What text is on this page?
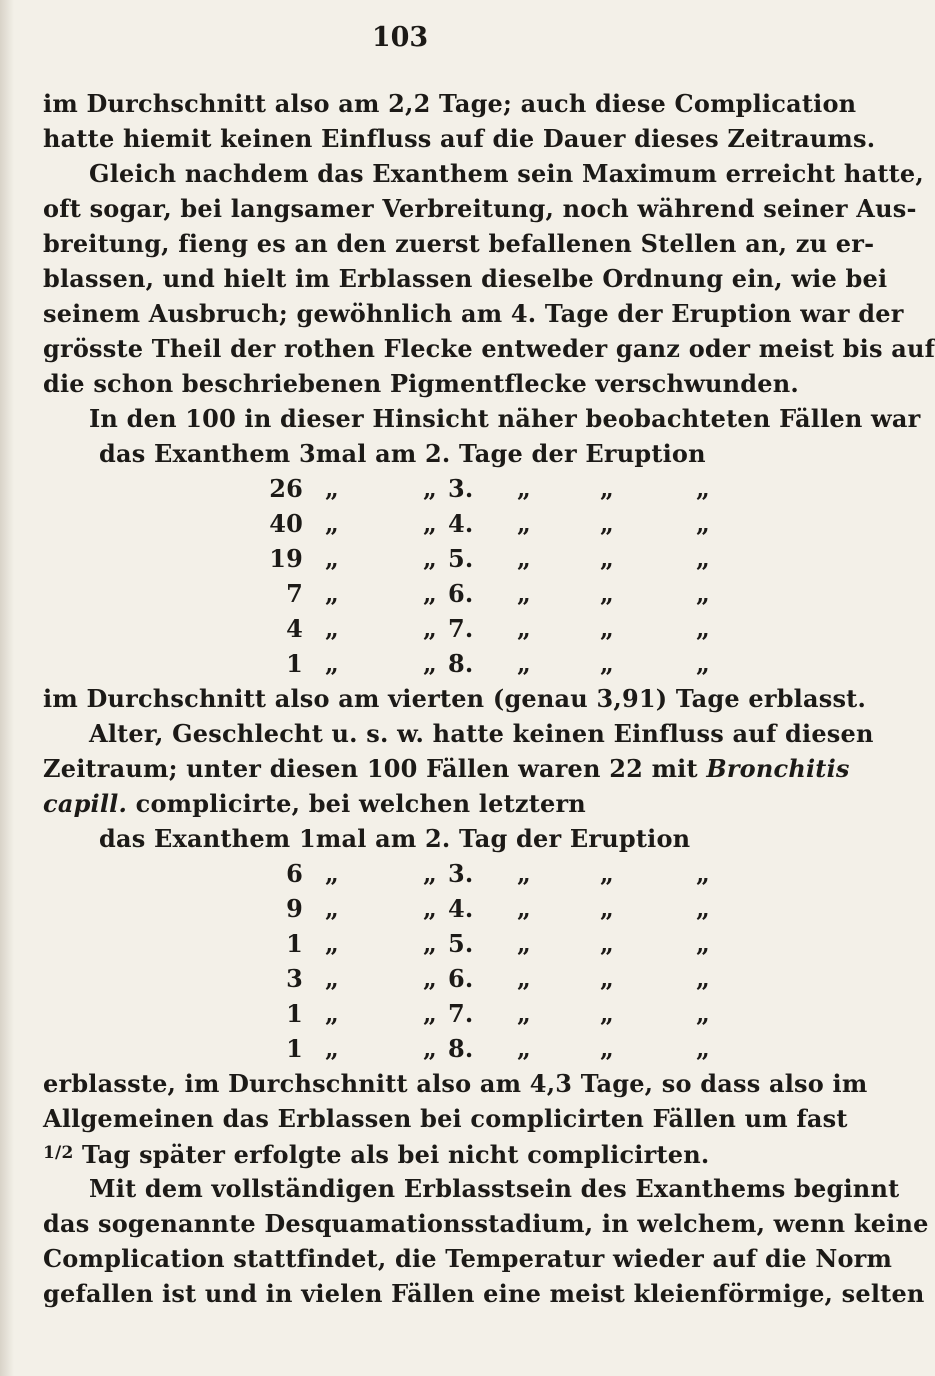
103
im Durchschnitt also am 2,2 Tage; auch diese Complication
hatte hiemit keinen Einfluss auf die Dauer dieses Zeitraums.
Gleich nachdem das Exanthem sein Maximum erreicht hatte,
oft sogar, bei langsamer Verbreitung, noch während seiner Aus-
breitung, fieng es an den zuerst befallenen Stellen an, zu er-
blassen, und hielt im Erblassen dieselbe Ordnung ein, wie bei
seinem Ausbruch; gewöhnlich am 4. Tage der Eruption war der
grösste Theil der rothen Flecke entweder ganz oder meist bis auf
die schon beschriebenen Pigmentflecke verschwunden.
In den 100 in dieser Hinsicht näher beobachteten Fällen war
das Exanthem 3mal am 2. Tage der Eruption
26 „	„ 3. „	„	„
40 „	„ 4. „	„	„
19 „	„ 5. „	„	„
7 „	„ 6. „	„	„
4 „	„ 7. „	„	„
1 „	„ 8. „	„	„
im Durchschnitt also am vierten (genau 3,91) Tage erblasst.
Alter, Geschlecht u. s. w. hatte keinen Einfluss auf diesen
Zeitraum; unter diesen 100 Fällen waren 22 mit Bronchitis
capill. complicirte, bei welchen letztern
das Exanthem 1mal am 2. Tag der Eruption
6 „	„ 3. „	„	„
9 „	„ 4. „	„	„
1 „	„ 5. „	„	„
3 „	„ 6. „	„	„
1 „	„ 7. „	„	„
1 „	„ 8. „	„	„
erblasste, im Durchschnitt also am 4,3 Tage, so dass also im
Allgemeinen das Erblassen bei complicirten Fällen um fast
$^{1/2}$ Tag später erfolgte als bei nicht complicirten.
Mit dem vollständigen Erblasstsein des Exanthems beginnt
das sogenannte Desquamationsstadium, in welchem, wenn keine
Complication stattfindet, die Temperatur wieder auf die Norm
gefallen ist und in vielen Fällen eine meist kleienförmige, selten
